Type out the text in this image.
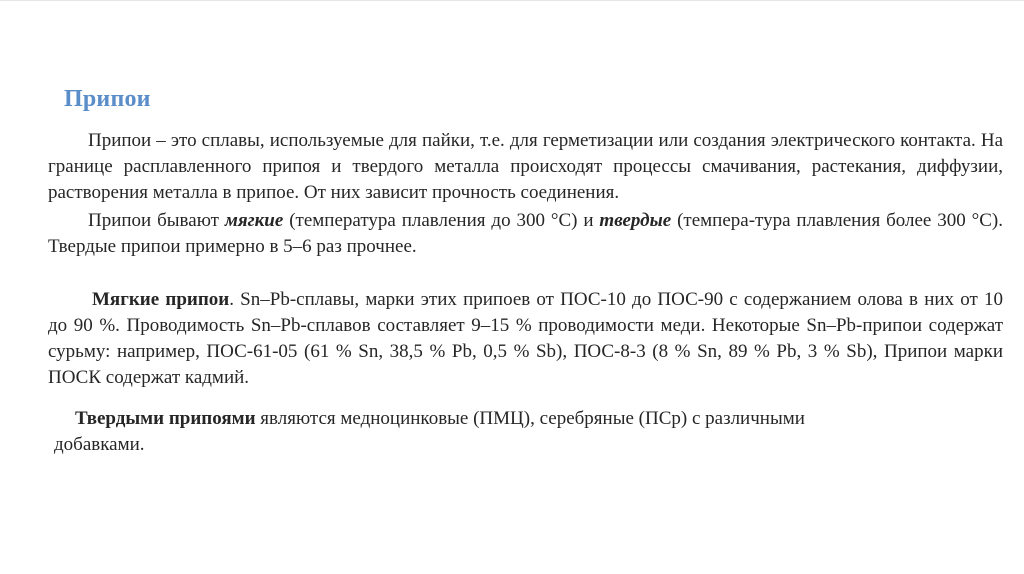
Припои

Припои – это сплавы, используемые для пайки, т.е. для герметизации или создания электрического контакта. На границе расплавленного припоя и твердого металла происходят процессы смачивания, растекания, диффузии, растворения металла в припое. От них зависит прочность соединения.

Припои бывают мягкие (температура плавления до 300 °С) и твердые (темпера-тура плавления более 300 °С). Твердые припои примерно в 5–6 раз прочнее.

Мягкие припои. Sn–Pb-сплавы, марки этих припоев от ПОС-10 до ПОС-90 с содержанием олова в них от 10 до 90 %. Проводимость Sn–Pb-сплавов составляет 9–15 % проводимости меди. Некоторые Sn–Pb-припои содержат сурьму: например, ПОС-61-05 (61 % Sn, 38,5 % Pb, 0,5 % Sb), ПОС-8-3 (8 % Sn, 89 % Pb, 3 % Sb), Припои марки ПОСК содержат кадмий.

Твердыми припоями являются медноцинковые (ПМЦ), серебряные (ПСр) с различными
добавками.
